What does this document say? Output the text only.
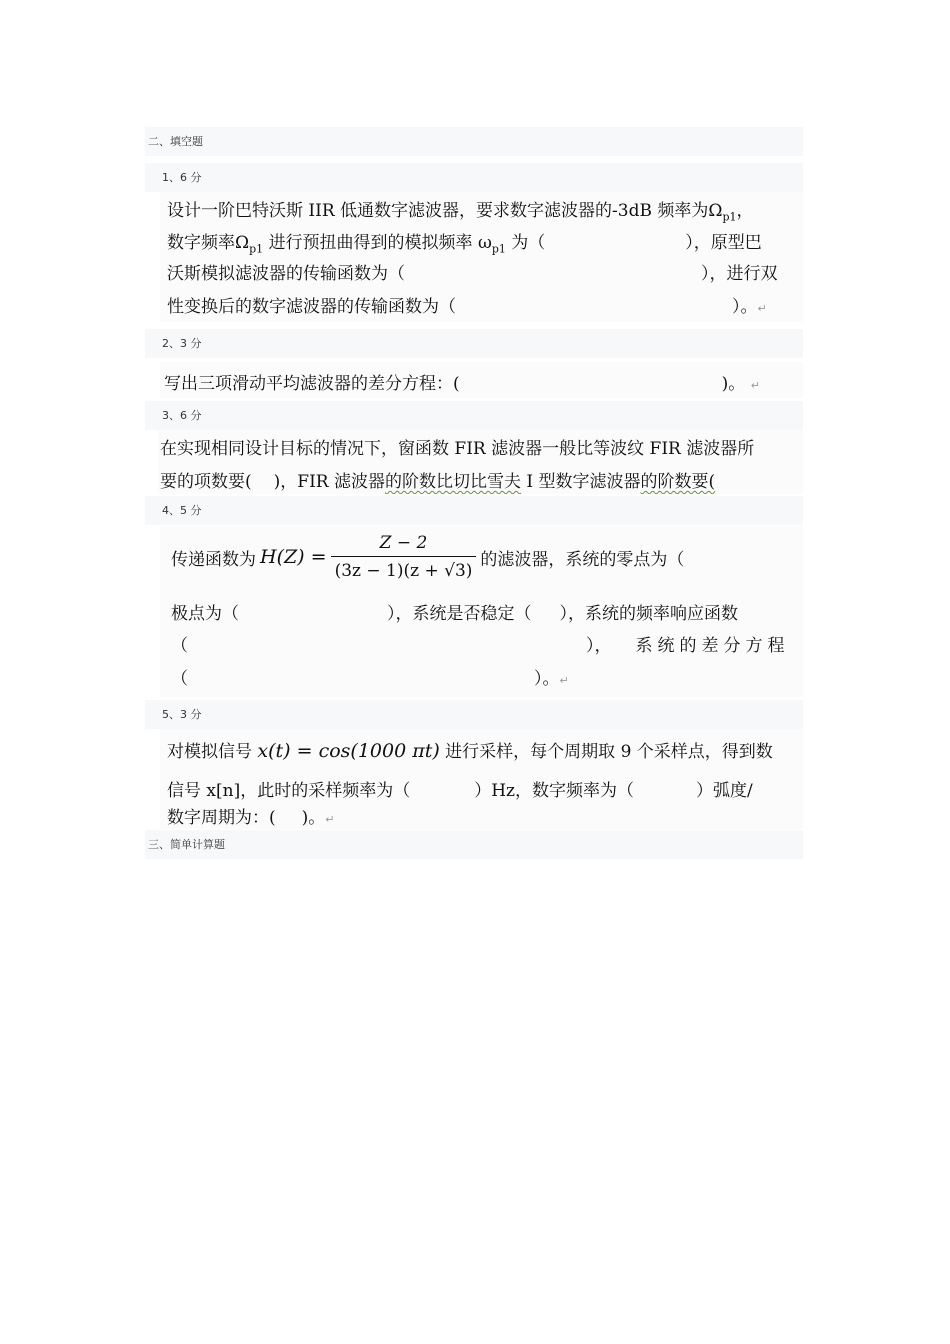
二、填空题
1、6 分
设计一阶巴特沃斯 IIR 低通数字滤波器，要求数字滤波器的-3dB 频率为$\Omega_{p1}$，
数字频率$\Omega_{p1}$ 进行预扭曲得到的模拟频率 $\omega_{p1}$ 为（	），原型巴
沃斯模拟滤波器的传输函数为（	），进行双
性变换后的数字滤波器的传输函数为（	）。↵
2、3 分
写出三项滑动平均滤波器的差分方程：(	)。 ↵
3、6 分
在实现相同设计目标的情况下，窗函数 FIR 滤波器一般比等波纹 FIR 滤波器所
要的项数要( )，FIR 滤波器的阶数比切比雪夫 I 型数字滤波器的阶数要(
4、5 分
传递函数为 $H(Z) = \frac{Z - 2}{(3z - 1)(z + √3)}$ 的滤波器，系统的零点为（
极点为（	），系统是否稳定（ ），系统的频率响应函数
（	）， 系统的差分方程
（	）。↵
5、3 分
对模拟信号 x(t) = cos(1000 πt) 进行采样，每个周期取 9 个采样点，得到数
信号 x[n]，此时的采样频率为（	）Hz，数字频率为（	）弧度/
数字周期为：( )。↵
三、简单计算题
